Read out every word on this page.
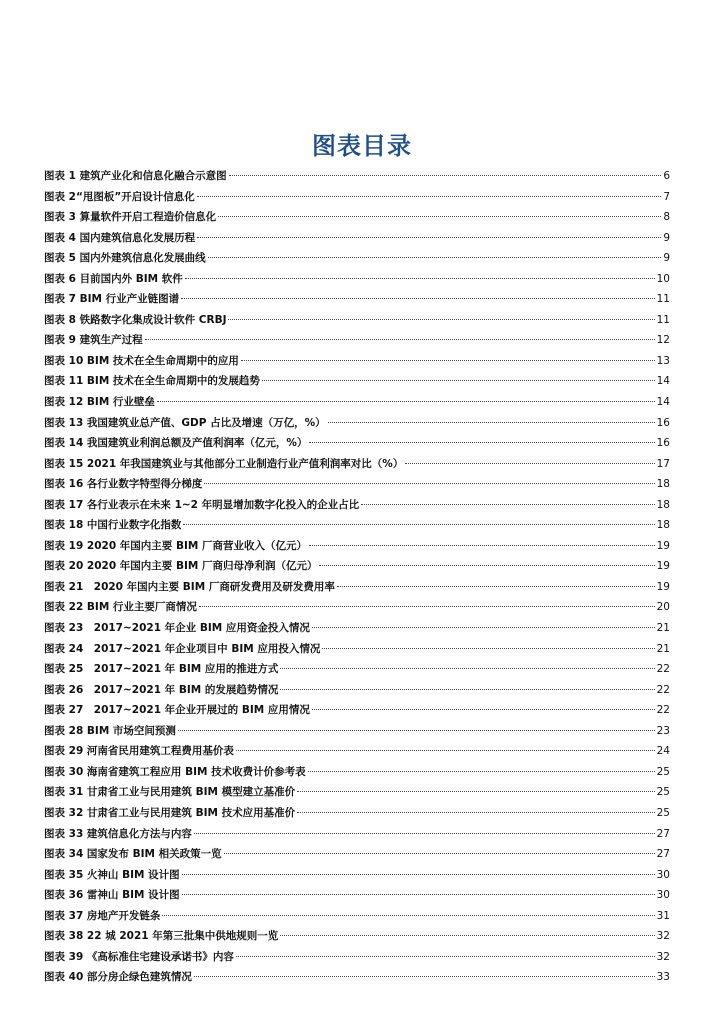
图表目录
图表 1 建筑产业化和信息化融合示意图	6
图表 2“甩图板”开启设计信息化	7
图表 3 算量软件开启工程造价信息化	8
图表 4 国内建筑信息化发展历程	9
图表 5 国内外建筑信息化发展曲线	9
图表 6 目前国内外 BIM 软件	10
图表 7 BIM 行业产业链图谱	11
图表 8 铁路数字化集成设计软件 CRBJ	11
图表 9 建筑生产过程	12
图表 10 BIM 技术在全生命周期中的应用	13
图表 11 BIM 技术在全生命周期中的发展趋势	14
图表 12 BIM 行业壁垒	14
图表 13 我国建筑业总产值、GDP 占比及增速（万亿，%）	16
图表 14 我国建筑业利润总额及产值利润率（亿元，%）	16
图表 15 2021 年我国建筑业与其他部分工业制造行业产值利润率对比（%）	17
图表 16 各行业数字特型得分梯度	18
图表 17 各行业表示在未来 1~2 年明显增加数字化投入的企业占比	18
图表 18 中国行业数字化指数	18
图表 19 2020 年国内主要 BIM 厂商营业收入（亿元）	19
图表 20 2020 年国内主要 BIM 厂商归母净利润（亿元）	19
图表 21　2020 年国内主要 BIM 厂商研发费用及研发费用率	19
图表 22 BIM 行业主要厂商情况	20
图表 23　2017~2021 年企业 BIM 应用资金投入情况	21
图表 24　2017~2021 年企业项目中 BIM 应用投入情况	21
图表 25　2017~2021 年 BIM 应用的推进方式	22
图表 26　2017~2021 年 BIM 的发展趋势情况	22
图表 27　2017~2021 年企业开展过的 BIM 应用情况	22
图表 28 BIM 市场空间预测	23
图表 29 河南省民用建筑工程费用基价表	24
图表 30 海南省建筑工程应用 BIM 技术收费计价参考表	25
图表 31 甘肃省工业与民用建筑 BIM 模型建立基准价	25
图表 32 甘肃省工业与民用建筑 BIM 技术应用基准价	25
图表 33 建筑信息化方法与内容	27
图表 34 国家发布 BIM 相关政策一览	27
图表 35 火神山 BIM 设计图	30
图表 36 雷神山 BIM 设计图	30
图表 37 房地产开发链条	31
图表 38 22 城 2021 年第三批集中供地规则一览	32
图表 39 《高标准住宅建设承诺书》内容	32
图表 40 部分房企绿色建筑情况	33
